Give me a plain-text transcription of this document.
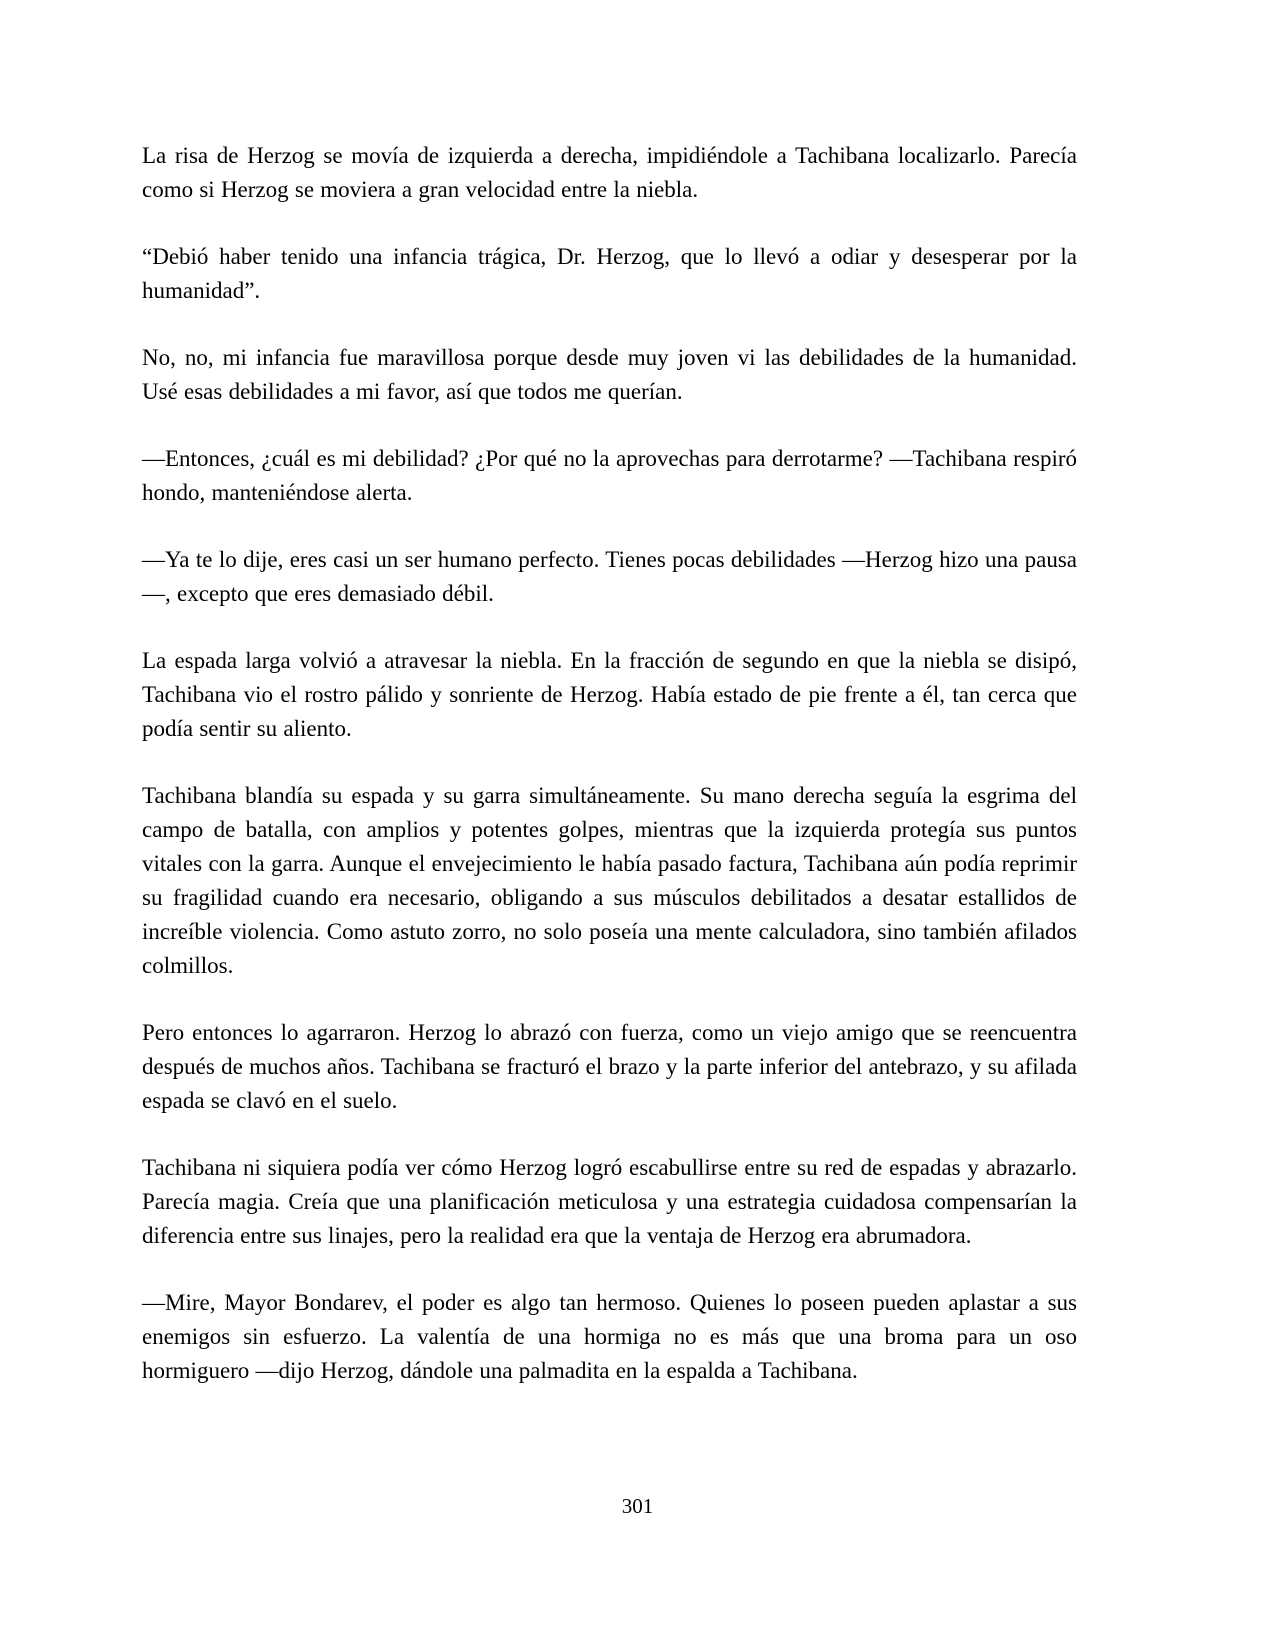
La risa de Herzog se movía de izquierda a derecha, impidiéndole a Tachibana localizarlo. Parecía como si Herzog se moviera a gran velocidad entre la niebla.

“Debió haber tenido una infancia trágica, Dr. Herzog, que lo llevó a odiar y desesperar por la humanidad”.

No, no, mi infancia fue maravillosa porque desde muy joven vi las debilidades de la humanidad. Usé esas debilidades a mi favor, así que todos me querían.

—Entonces, ¿cuál es mi debilidad? ¿Por qué no la aprovechas para derrotarme? —Tachibana respiró hondo, manteniéndose alerta.

—Ya te lo dije, eres casi un ser humano perfecto. Tienes pocas debilidades —Herzog hizo una pausa—, excepto que eres demasiado débil.

La espada larga volvió a atravesar la niebla. En la fracción de segundo en que la niebla se disipó, Tachibana vio el rostro pálido y sonriente de Herzog. Había estado de pie frente a él, tan cerca que podía sentir su aliento.

Tachibana blandía su espada y su garra simultáneamente. Su mano derecha seguía la esgrima del campo de batalla, con amplios y potentes golpes, mientras que la izquierda protegía sus puntos vitales con la garra. Aunque el envejecimiento le había pasado factura, Tachibana aún podía reprimir su fragilidad cuando era necesario, obligando a sus músculos debilitados a desatar estallidos de increíble violencia. Como astuto zorro, no solo poseía una mente calculadora, sino también afilados colmillos.

Pero entonces lo agarraron. Herzog lo abrazó con fuerza, como un viejo amigo que se reencuentra después de muchos años. Tachibana se fracturó el brazo y la parte inferior del antebrazo, y su afilada espada se clavó en el suelo.

Tachibana ni siquiera podía ver cómo Herzog logró escabullirse entre su red de espadas y abrazarlo. Parecía magia. Creía que una planificación meticulosa y una estrategia cuidadosa compensarían la diferencia entre sus linajes, pero la realidad era que la ventaja de Herzog era abrumadora.

—Mire, Mayor Bondarev, el poder es algo tan hermoso. Quienes lo poseen pueden aplastar a sus enemigos sin esfuerzo. La valentía de una hormiga no es más que una broma para un oso hormiguero —dijo Herzog, dándole una palmadita en la espalda a Tachibana.

301
